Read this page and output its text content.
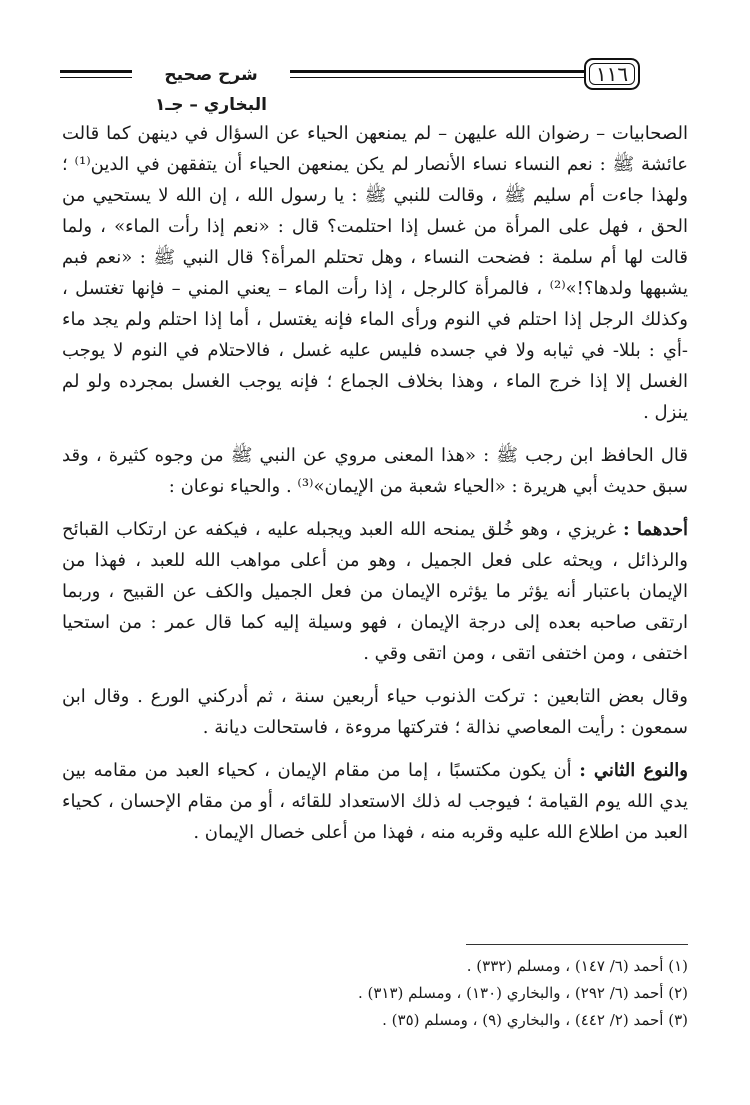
شرح صحيح البخاري – جـ١
١١٦

الصحابيات – رضوان الله عليهن – لم يمنعهن الحياء عن السؤال في دينهن كما قالت عائشة ﷺ : نعم النساء نساء الأنصار لم يكن يمنعهن الحياء أن يتفقهن في الدين⁽¹⁾ ؛ ولهذا جاءت أم سليم ﷺ ، وقالت للنبي ﷺ : يا رسول الله ، إن الله لا يستحيي من الحق ، فهل على المرأة من غسل إذا احتلمت؟ قال : «نعم إذا رأت الماء» ، ولما قالت لها أم سلمة : فضحت النساء ، وهل تحتلم المرأة؟ قال النبي ﷺ : «نعم فبم يشبهها ولدها؟!»⁽²⁾ ، فالمرأة كالرجل ، إذا رأت الماء – يعني المني – فإنها تغتسل ، وكذلك الرجل إذا احتلم في النوم ورأى الماء فإنه يغتسل ، أما إذا احتلم ولم يجد ماء -أي : بللا- في ثيابه ولا في جسده فليس عليه غسل ، فالاحتلام في النوم لا يوجب الغسل إلا إذا خرج الماء ، وهذا بخلاف الجماع ؛ فإنه يوجب الغسل بمجرده ولو لم ينزل .

قال الحافظ ابن رجب ﷺ : «هذا المعنى مروي عن النبي ﷺ من وجوه كثيرة ، وقد سبق حديث أبي هريرة : «الحياء شعبة من الإيمان»⁽³⁾ . والحياء نوعان :

أحدهما : غريزي ، وهو خُلق يمنحه الله العبد ويجبله عليه ، فيكفه عن ارتكاب القبائح والرذائل ، ويحثه على فعل الجميل ، وهو من أعلى مواهب الله للعبد ، فهذا من الإيمان باعتبار أنه يؤثر ما يؤثره الإيمان من فعل الجميل والكف عن القبيح ، وربما ارتقى صاحبه بعده إلى درجة الإيمان ، فهو وسيلة إليه كما قال عمر : من استحيا اختفى ، ومن اختفى اتقى ، ومن اتقى وقي .

وقال بعض التابعين : تركت الذنوب حياء أربعين سنة ، ثم أدركني الورع . وقال ابن سمعون : رأيت المعاصي نذالة ؛ فتركتها مروءة ، فاستحالت ديانة .

والنوع الثاني : أن يكون مكتسبًا ، إما من مقام الإيمان ، كحياء العبد من مقامه بين يدي الله يوم القيامة ؛ فيوجب له ذلك الاستعداد للقائه ، أو من مقام الإحسان ، كحياء العبد من اطلاع الله عليه وقربه منه ، فهذا من أعلى خصال الإيمان .

(١) أحمد (٦/ ١٤٧) ، ومسلم (٣٣٢) .
(٢) أحمد (٦/ ٢٩٢) ، والبخاري (١٣٠) ، ومسلم (٣١٣) .
(٣) أحمد (٢/ ٤٤٢) ، والبخاري (٩) ، ومسلم (٣٥) .
